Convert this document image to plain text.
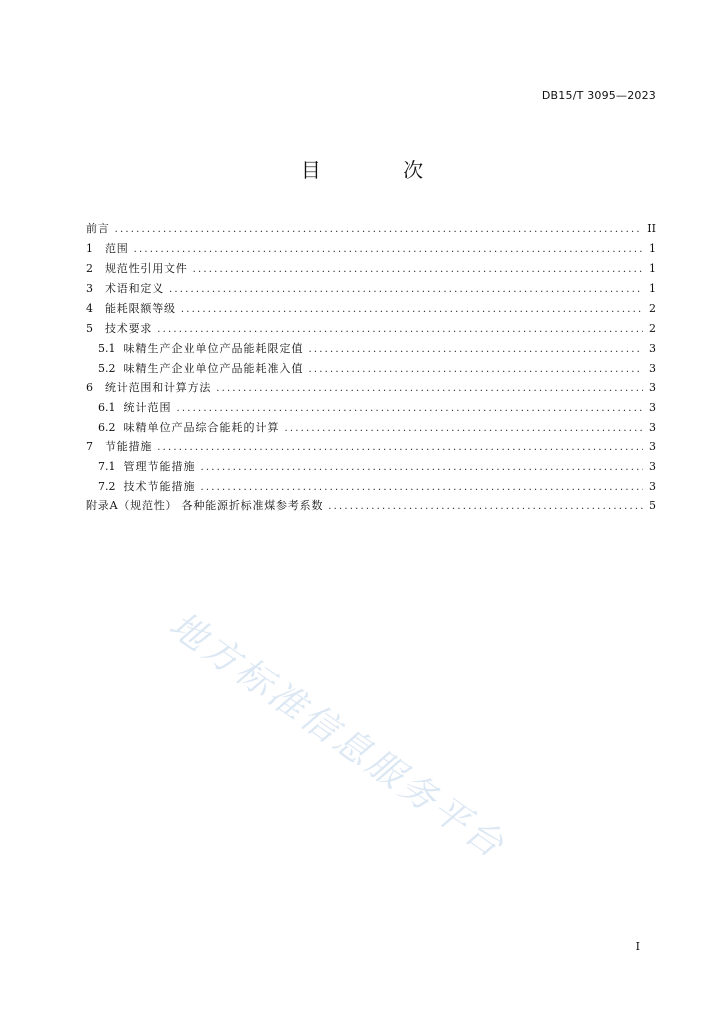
DB15/T 3095—2023
目 次
前言 .....	II
1 范围 .....	1
2 规范性引用文件 .....	1
3 术语和定义 .....	1
4 能耗限额等级 .....	2
5 技术要求 .....	2
5.1 味精生产企业单位产品能耗限定值 .....	3
5.2 味精生产企业单位产品能耗准入值 .....	3
6 统计范围和计算方法 .....	3
6.1 统计范围 .....	3
6.2 味精单位产品综合能耗的计算 .....	3
7 节能措施 .....	3
7.1 管理节能措施 .....	3
7.2 技术节能措施 .....	3
附录A（规范性） 各种能源折标准煤参考系数 .....	5
地方标准信息服务平台
I
